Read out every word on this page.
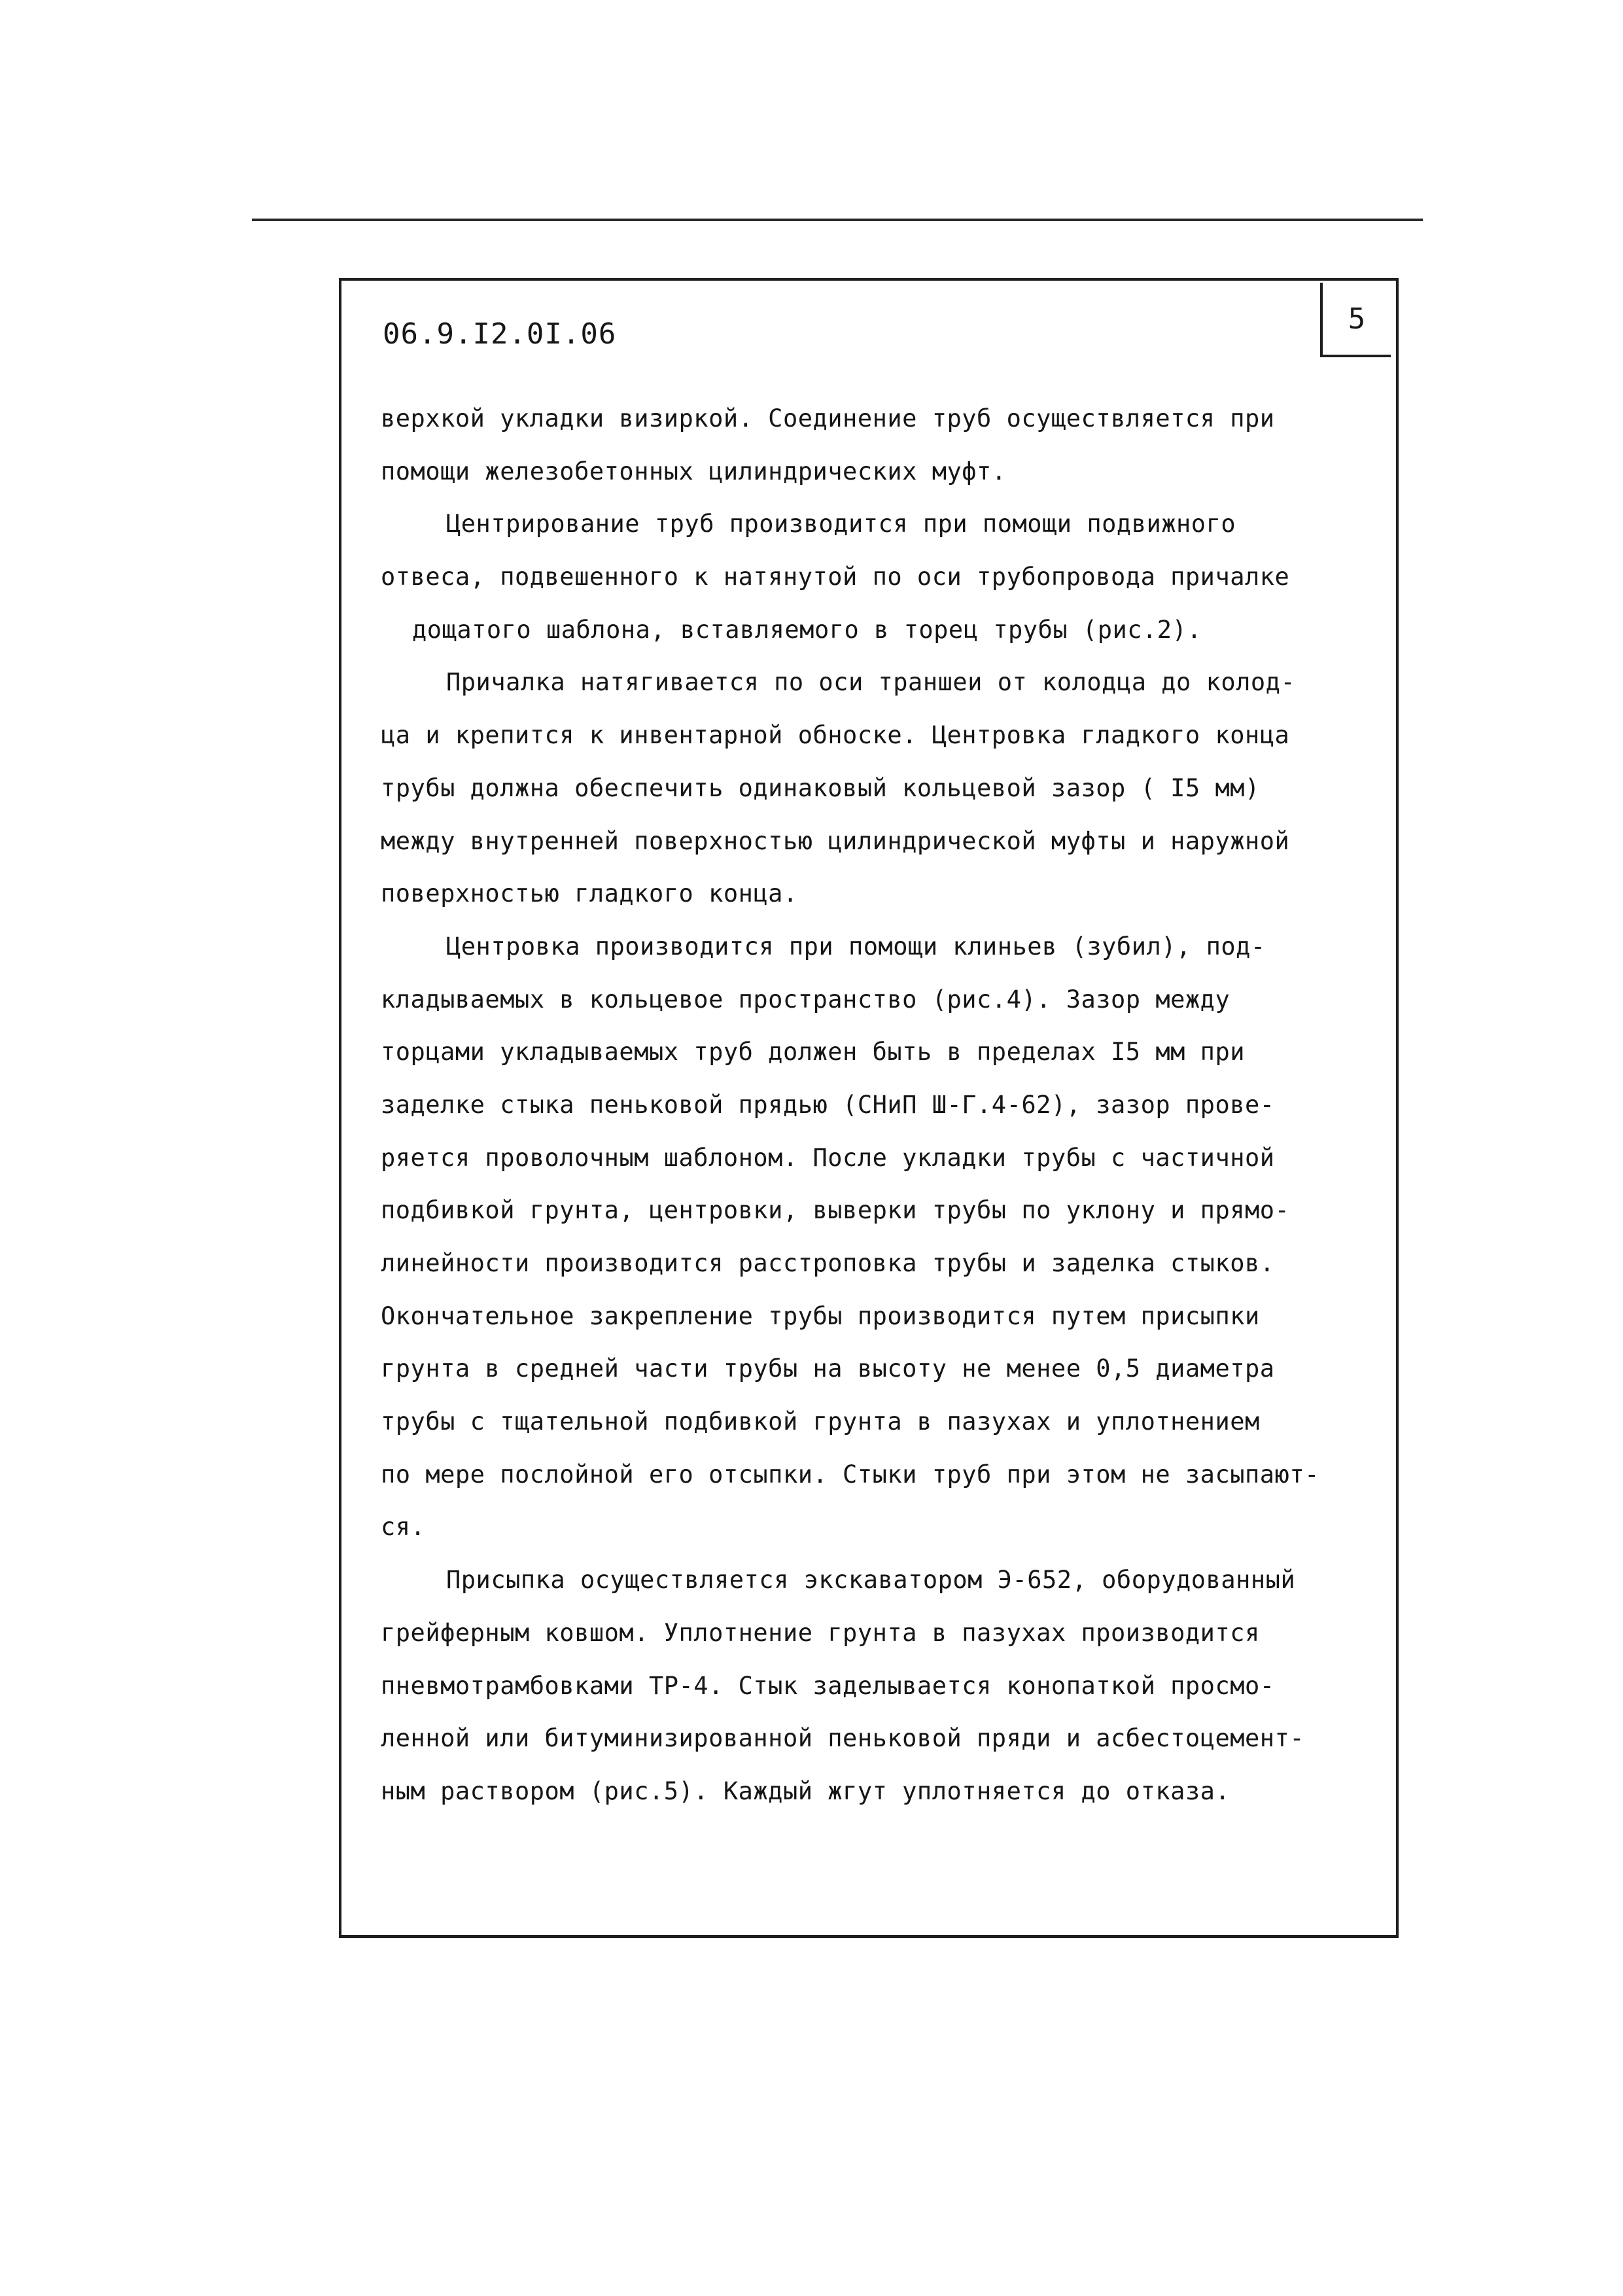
5
06.9.I2.0I.06
верхкой укладки визиркой. Соединение труб осуществляется при
помощи железобетонных цилиндрических муфт.
Центрирование труб производится при помощи подвижного
отвеса, подвешенного к натянутой по оси трубопровода причалке
дощатого шаблона, вставляемого в торец трубы (рис.2).
Причалка натягивается по оси траншеи от колодца до колод-
ца и крепится к инвентарной обноске. Центровка гладкого конца
трубы должна обеспечить одинаковый кольцевой зазор ( I5 мм)
между внутренней поверхностью цилиндрической муфты и наружной
поверхностью гладкого конца.
Центровка производится при помощи клиньев (зубил), под-
кладываемых в кольцевое пространство (рис.4). Зазор между
торцами укладываемых труб должен быть в пределах I5 мм при
заделке стыка пеньковой прядью (СНиП Ш-Г.4-62), зазор прове-
ряется проволочным шаблоном. После укладки трубы с частичной
подбивкой грунта, центровки, выверки трубы по уклону и прямо-
линейности производится расстроповка трубы и заделка стыков.
Окончательное закрепление трубы производится путем присыпки
грунта в средней части трубы на высоту не менее 0,5 диаметра
трубы с тщательной подбивкой грунта в пазухах и уплотнением
по мере послойной его отсыпки. Стыки труб при этом не засыпают-
ся.
Присыпка осуществляется экскаватором Э-652, оборудованный
грейферным ковшом. Уплотнение грунта в пазухах производится
пневмотрамбовками ТР-4. Стык заделывается конопаткой просмо-
ленной или битуминизированной пеньковой пряди и асбестоцемент-
ным раствором (рис.5). Каждый жгут уплотняется до отказа.
